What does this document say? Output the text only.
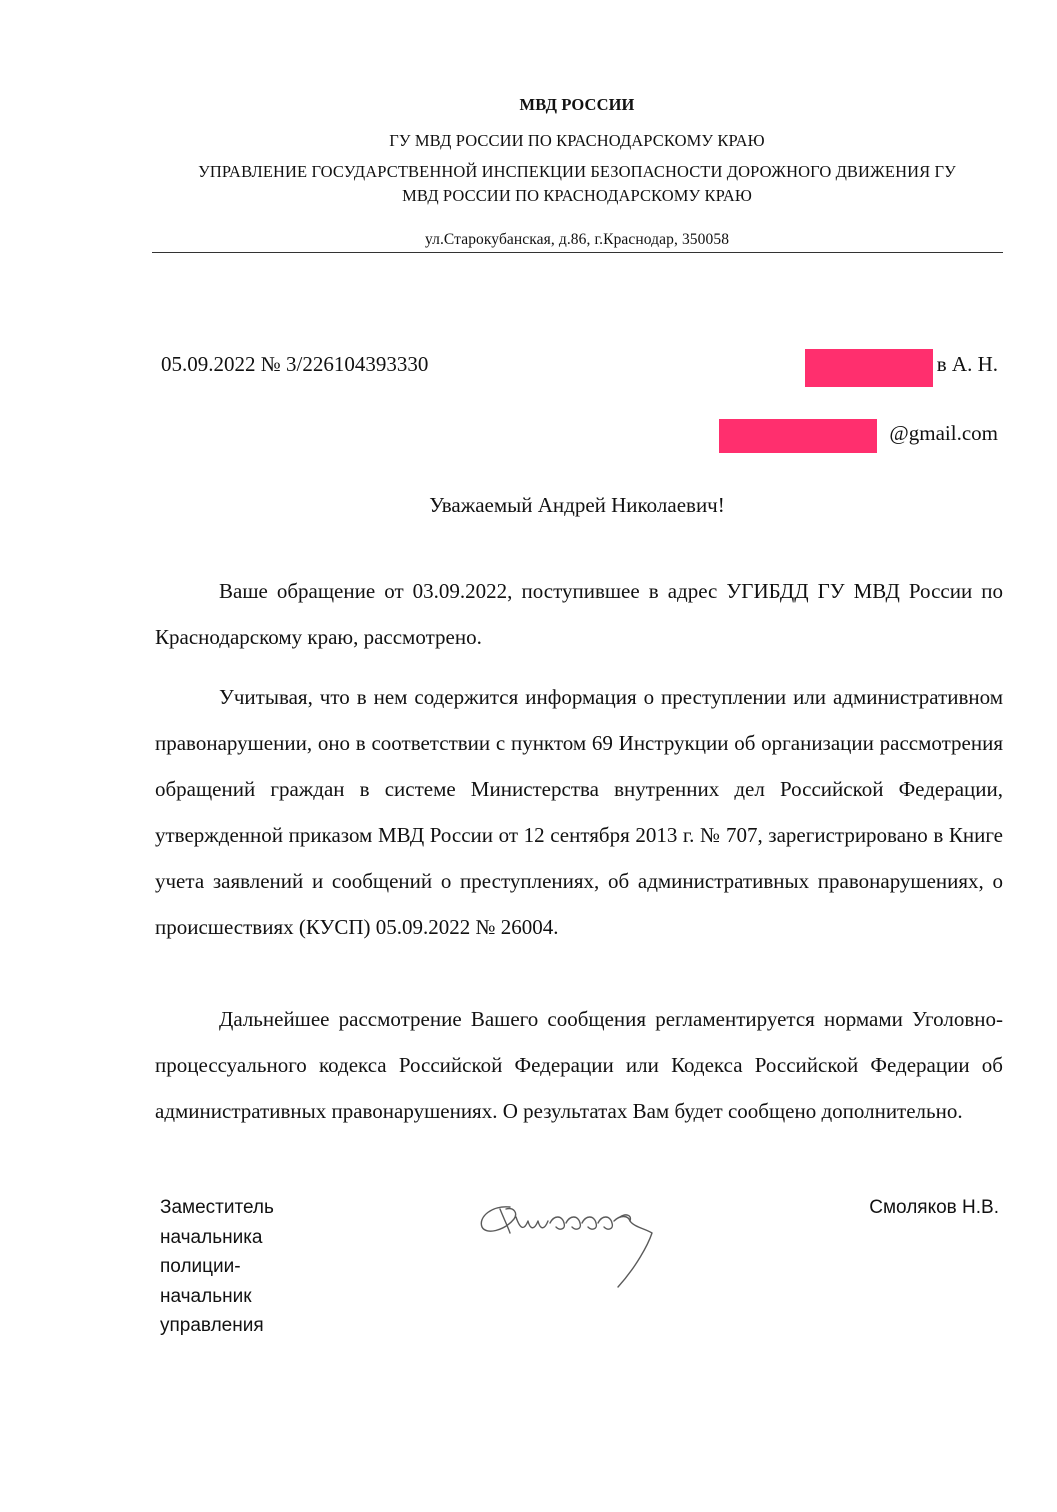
МВД РОССИИ
ГУ МВД РОССИИ ПО КРАСНОДАРСКОМУ КРАЮ
УПРАВЛЕНИЕ ГОСУДАРСТВЕННОЙ ИНСПЕКЦИИ БЕЗОПАСНОСТИ ДОРОЖНОГО ДВИЖЕНИЯ ГУ
МВД РОССИИ ПО КРАСНОДАРСКОМУ КРАЮ
ул.Старокубанская, д.86, г.Краснодар, 350058
05.09.2022 № 3/226104393330	в А. Н.
@gmail.com
Уважаемый Андрей Николаевич!

Ваше обращение от 03.09.2022, поступившее в адрес УГИБДД ГУ МВД России по Краснодарскому краю, рассмотрено.

Учитывая, что в нем содержится информация о преступлении или административном правонарушении, оно в соответствии с пунктом 69 Инструкции об организации рассмотрения обращений граждан в системе Министерства внутренних дел Российской Федерации, утвержденной приказом МВД России от 12 сентября 2013 г. № 707, зарегистрировано в Книге учета заявлений и сообщений о преступлениях, об административных правонарушениях, о происшествиях (КУСП) 05.09.2022 № 26004.

Дальнейшее рассмотрение Вашего сообщения регламентируется нормами Уголовно-процессуального кодекса Российской Федерации или Кодекса Российской Федерации об административных правонарушениях. О результатах Вам будет сообщено дополнительно.

Заместитель
начальника
полиции-
начальник
управления
Смоляков Н.В.
